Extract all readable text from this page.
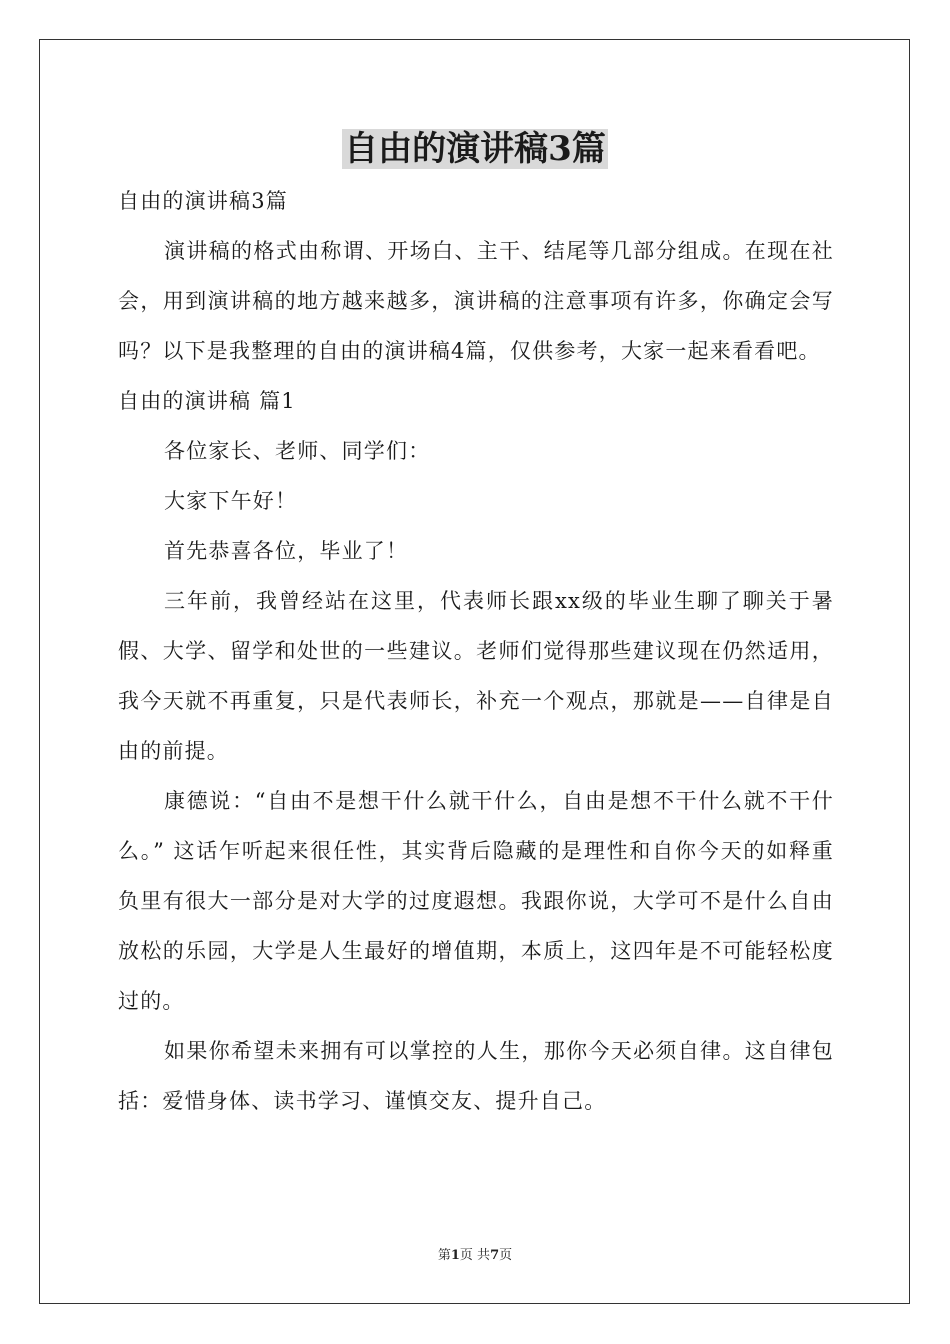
自由的演讲稿3篇

自由的演讲稿3篇

演讲稿的格式由称谓、开场白、主干、结尾等几部分组成。在现在社会，用到演讲稿的地方越来越多，演讲稿的注意事项有许多，你确定会写吗？以下是我整理的自由的演讲稿4篇，仅供参考，大家一起来看看吧。

自由的演讲稿 篇1

各位家长、老师、同学们：

大家下午好！

首先恭喜各位，毕业了！

三年前，我曾经站在这里，代表师长跟xx级的毕业生聊了聊关于暑假、大学、留学和处世的一些建议。老师们觉得那些建议现在仍然适用，我今天就不再重复，只是代表师长，补充一个观点，那就是——自律是自由的前提。

康德说：“自由不是想干什么就干什么，自由是想不干什么就不干什么。” 这话乍听起来很任性，其实背后隐藏的是理性和自你今天的如释重负里有很大一部分是对大学的过度遐想。我跟你说，大学可不是什么自由放松的乐园，大学是人生最好的增值期，本质上，这四年是不可能轻松度过的。

如果你希望未来拥有可以掌控的人生，那你今天必须自律。这自律包括：爱惜身体、读书学习、谨慎交友、提升自己。

第1页 共7页
